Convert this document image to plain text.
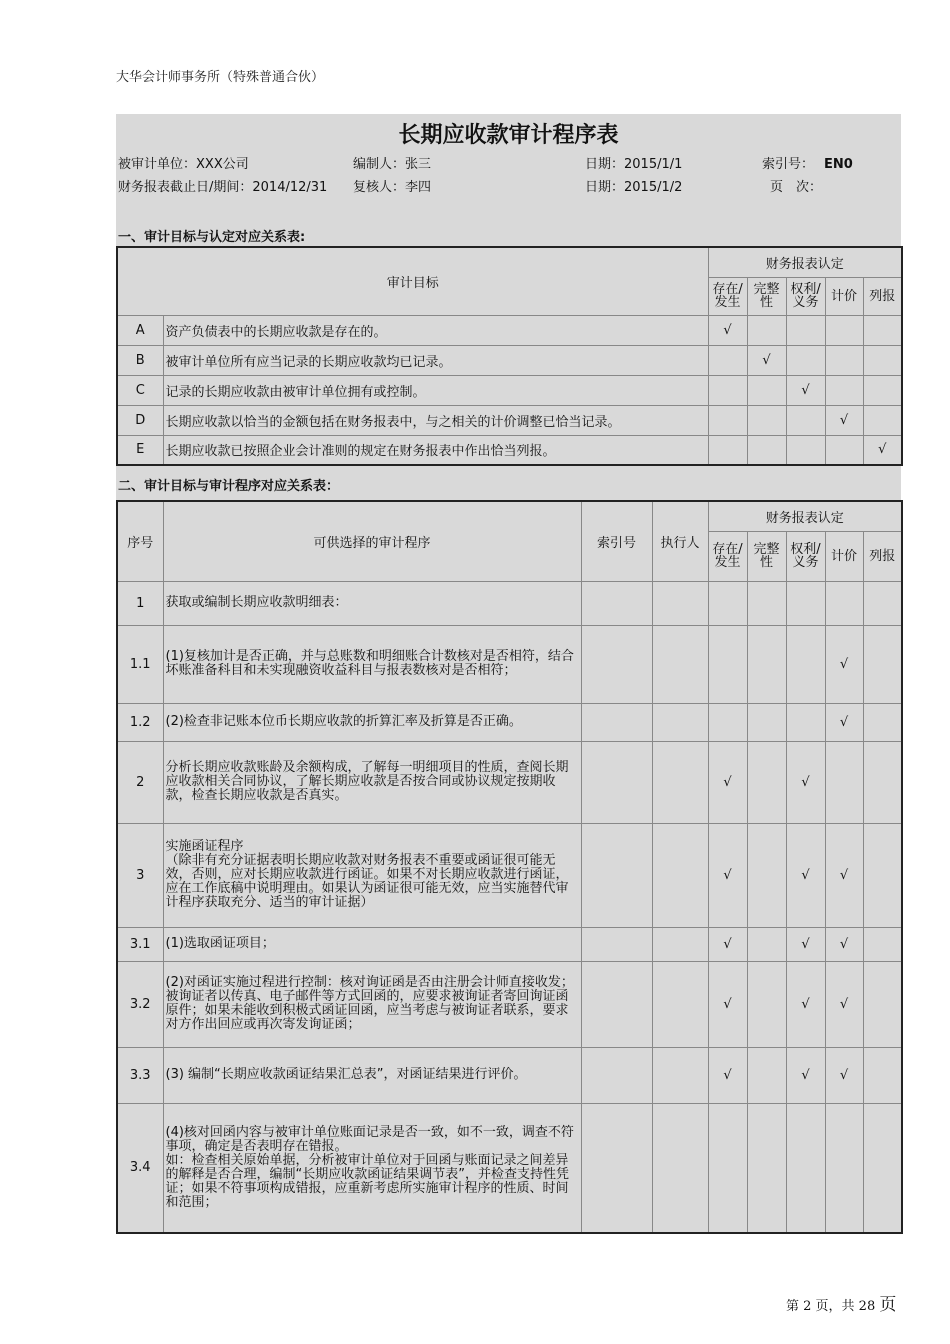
大华会计师事务所（特殊普通合伙）
长期应收款审计程序表
被审计单位：XXX公司	编制人：张三	日期：2015/1/1	索引号： EN0
财务报表截止日/期间：2014/12/31 复核人：李四	日期：2015/1/2	页　次：
一、审计目标与认定对应关系表:
审计目标		财务报表认定				
		存在/发生	完整性	权利/义务	计价	列报
A	资产负债表中的长期应收款是存在的。	√				
B	被审计单位所有应当记录的长期应收款均已记录。		√			
C	记录的长期应收款由被审计单位拥有或控制。			√		
D	长期应收款以恰当的金额包括在财务报表中，与之相关的计价调整已恰当记录。				√	
E	长期应收款已按照企业会计准则的规定在财务报表中作出恰当列报。					√
二、审计目标与审计程序对应关系表：
序号	可供选择的审计程序	索引号	执行人	财务报表认定				
				存在/发生	完整性	权利/义务	计价	列报
1	获取或编制长期应收款明细表：							
1.1	(1)复核加计是否正确，并与总账数和明细账合计数核对是否相符，结合坏账准备科目和未实现融资收益科目与报表数核对是否相符；						√	
1.2	(2)检查非记账本位币长期应收款的折算汇率及折算是否正确。						√	
2	分析长期应收款账龄及余额构成，了解每一明细项目的性质，查阅长期应收款相关合同协议，了解长期应收款是否按合同或协议规定按期收款，检查长期应收款是否真实。			√		√		
3	实施函证程序
（除非有充分证据表明长期应收款对财务报表不重要或函证很可能无效，否则，应对长期应收款进行函证。如果不对长期应收款进行函证，应在工作底稿中说明理由。如果认为函证很可能无效，应当实施替代审计程序获取充分、适当的审计证据）			√		√	√	
3.1	(1)选取函证项目；			√		√	√	
3.2	(2)对函证实施过程进行控制：核对询证函是否由注册会计师直接收发；被询证者以传真、电子邮件等方式回函的，应要求被询证者寄回询证函原件；如果未能收到积极式函证回函，应当考虑与被询证者联系，要求对方作出回应或再次寄发询证函；			√		√	√	
3.3	(3) 编制“长期应收款函证结果汇总表”，对函证结果进行评价。			√		√	√	
3.4	(4)核对回函内容与被审计单位账面记录是否一致，如不一致，调查不符事项，确定是否表明存在错报。
如：检查相关原始单据，分析被审计单位对于回函与账面记录之间差异的解释是否合理，编制“长期应收款函证结果调节表”，并检查支持性凭证；如果不符事项构成错报，应重新考虑所实施审计程序的性质、时间和范围；							
第 2 页，共 28 页
